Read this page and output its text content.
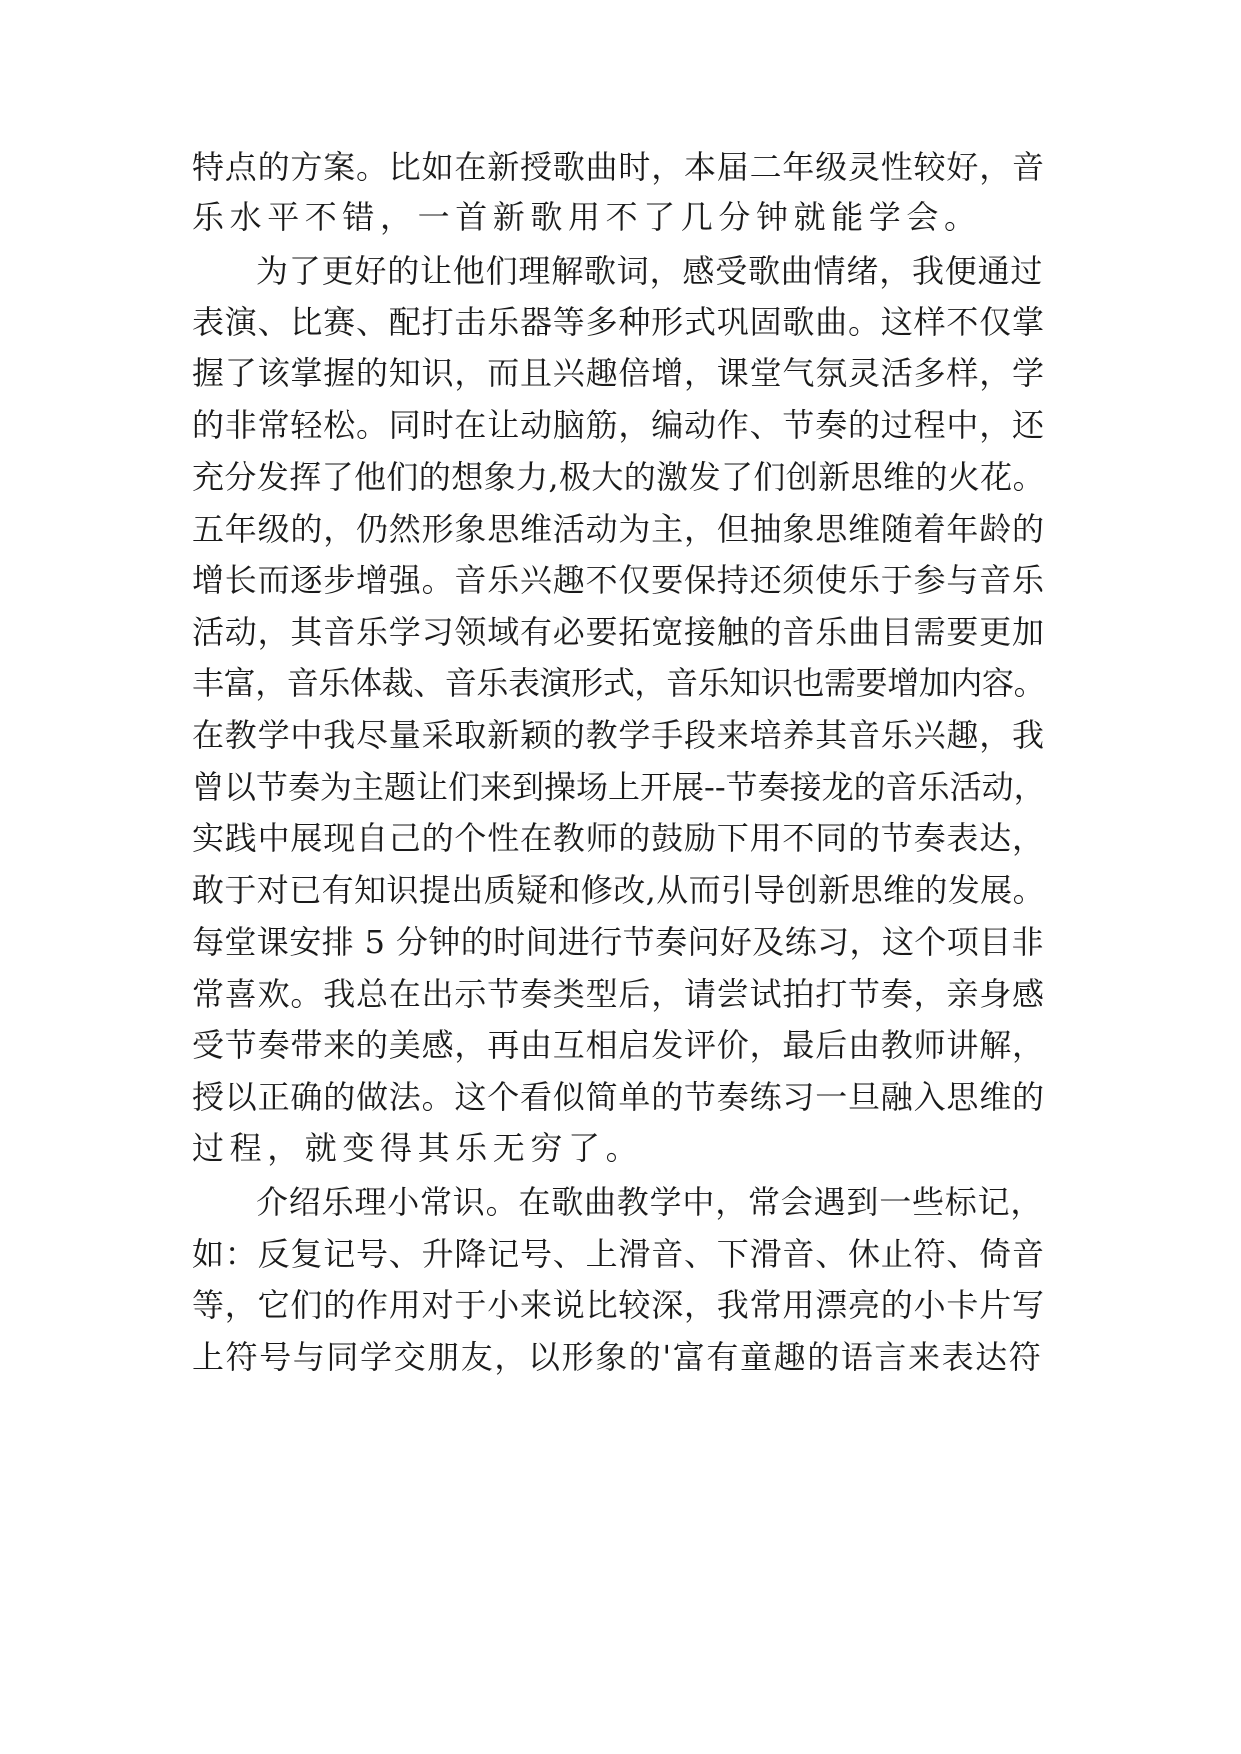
特点的方案。比如在新授歌曲时，本届二年级灵性较好，音
乐水平不错，一首新歌用不了几分钟就能学会。
为了更好的让他们理解歌词，感受歌曲情绪，我便通过
表演、比赛、配打击乐器等多种形式巩固歌曲。这样不仅掌
握了该掌握的知识，而且兴趣倍增，课堂气氛灵活多样，学
的非常轻松。同时在让动脑筋，编动作、节奏的过程中，还
充分发挥了他们的想象力,极大的激发了们创新思维的火花。
五年级的，仍然形象思维活动为主，但抽象思维随着年龄的
增长而逐步增强。音乐兴趣不仅要保持还须使乐于参与音乐
活动，其音乐学习领域有必要拓宽接触的音乐曲目需要更加
丰富，音乐体裁、音乐表演形式，音乐知识也需要增加内容。
在教学中我尽量采取新颖的教学手段来培养其音乐兴趣，我
曾以节奏为主题让们来到操场上开展--节奏接龙的音乐活动，
实践中展现自己的个性在教师的鼓励下用不同的节奏表达，
敢于对已有知识提出质疑和修改,从而引导创新思维的发展。
每堂课安排 5 分钟的时间进行节奏问好及练习，这个项目非
常喜欢。我总在出示节奏类型后，请尝试拍打节奏，亲身感
受节奏带来的美感，再由互相启发评价，最后由教师讲解，
授以正确的做法。这个看似简单的节奏练习一旦融入思维的
过程，就变得其乐无穷了。
介绍乐理小常识。在歌曲教学中，常会遇到一些标记，
如：反复记号、升降记号、上滑音、下滑音、休止符、倚音
等，它们的作用对于小来说比较深，我常用漂亮的小卡片写
上符号与同学交朋友，以形象的'富有童趣的语言来表达符
